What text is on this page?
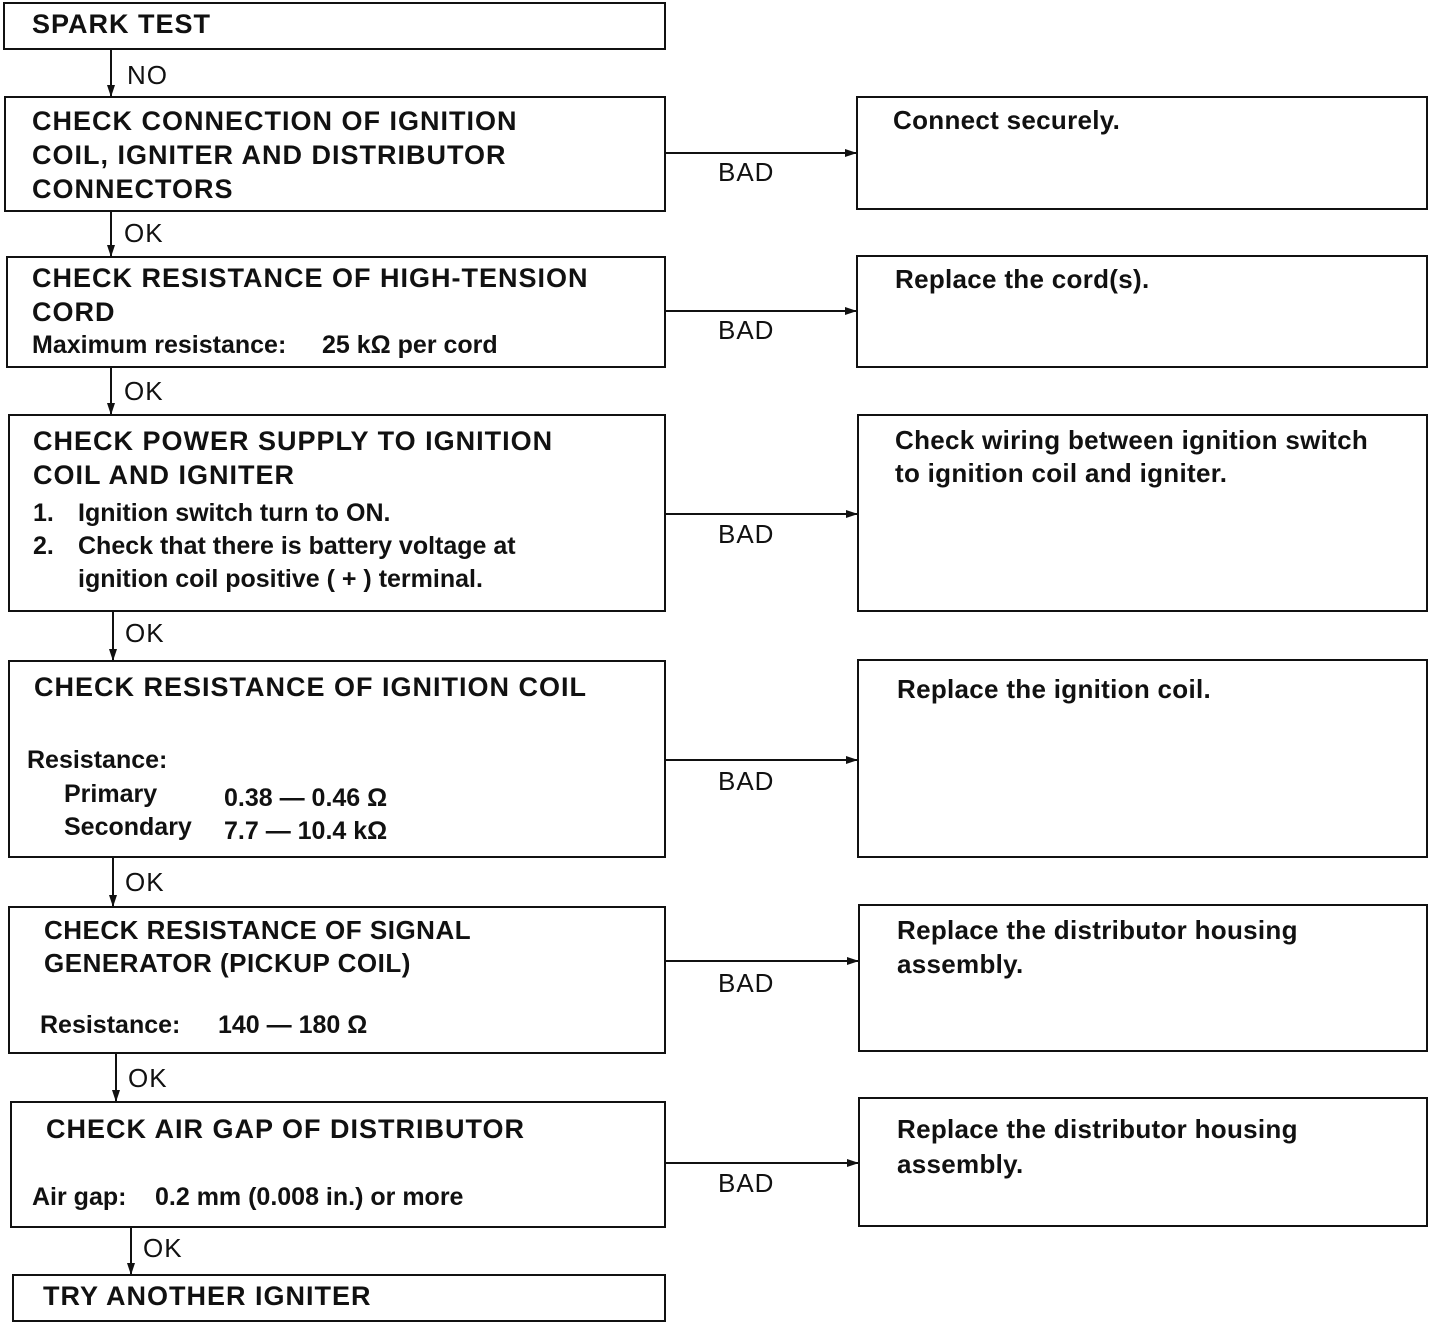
NO
OK
OK
OK
OK
OK
OK
BAD
BAD
BAD
BAD
BAD
BAD
SPARK TEST
CHECK CONNECTION OF IGNITION
COIL, IGNITER AND DISTRIBUTOR
CONNECTORS
Connect securely.
CHECK RESISTANCE OF HIGH-TENSION
CORD
Maximum resistance: 25 kΩ per cord
Replace the cord(s).
CHECK POWER SUPPLY TO IGNITION
COIL AND IGNITER
1. Ignition switch turn to ON.
2. Check that there is battery voltage at
ignition coil positive ( + ) terminal.
Check wiring between ignition switch
to ignition coil and igniter.
CHECK RESISTANCE OF IGNITION COIL
Resistance:
Primary	0.38 — 0.46 Ω
Secondary 7.7 — 10.4 kΩ
Replace the ignition coil.
CHECK RESISTANCE OF SIGNAL
GENERATOR (PICKUP COIL)
Resistance: 140 — 180 Ω
Replace the distributor housing
assembly.
CHECK AIR GAP OF DISTRIBUTOR
Air gap: 0.2 mm (0.008 in.) or more
Replace the distributor housing
assembly.
TRY ANOTHER IGNITER
